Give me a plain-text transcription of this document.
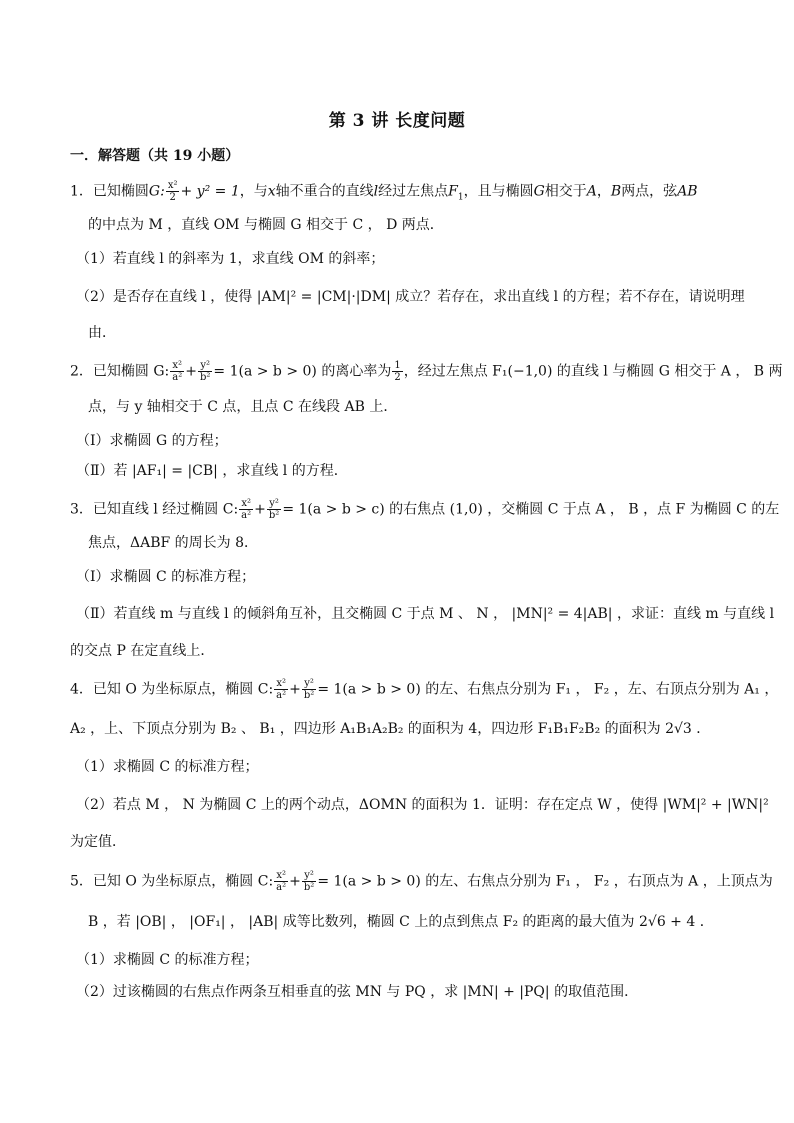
第 3 讲 长度问题
一．解答题（共 19 小题）
1．已知椭圆G: $\frac{\text{x²}}{2} + y^2 = 1$，与x轴不重合的直线l经过左焦点$F_1$，且与椭圆G相交于A，B两点，弦AB
的中点为 M ，直线 OM 与椭圆 G 相交于 C ， D 两点．
（1）若直线 l 的斜率为 1，求直线 OM 的斜率；
（2）是否存在直线 l ，使得 |AM|² = |CM|·|DM| 成立？若存在，求出直线 l 的方程；若不存在，请说明理
由．
2．已知椭圆 G: $\frac{\text{x²}}{\text{a²}} + \frac{\text{y²}}{\text{b²}} = 1(a > b > 0)$ 的离心率为 $\frac{1}{2}$ ，经过左焦点 F₁(−1,0) 的直线 l 与椭圆 G 相交于 A ， B 两
点，与 y 轴相交于 C 点，且点 C 在线段 AB 上．
（Ⅰ）求椭圆 G 的方程；
（Ⅱ）若 |AF₁| = |CB| ，求直线 l 的方程．
3．已知直线 l 经过椭圆 C: $\frac{\text{x²}}{\text{a²}} + \frac{\text{y²}}{\text{b²}} = 1(a > b > c)$ 的右焦点 (1,0) ，交椭圆 C 于点 A ， B ，点 F 为椭圆 C 的左
焦点，ΔABF 的周长为 8．
（Ⅰ）求椭圆 C 的标准方程；
（Ⅱ）若直线 m 与直线 l 的倾斜角互补，且交椭圆 C 于点 M 、 N ， |MN|² = 4|AB| ，求证：直线 m 与直线 l
的交点 P 在定直线上．
4．已知 O 为坐标原点，椭圆 C: $\frac{\text{x²}}{\text{a²}} + \frac{\text{y²}}{\text{b²}} = 1(a > b > 0)$ 的左、右焦点分别为 F₁ ， F₂ ，左、右顶点分别为 A₁ ，
A₂ ，上、下顶点分别为 B₂ 、 B₁ ，四边形 A₁B₁A₂B₂ 的面积为 4，四边形 F₁B₁F₂B₂ 的面积为 2√3 ．
（1）求椭圆 C 的标准方程；
（2）若点 M ， N 为椭圆 C 上的两个动点，ΔOMN 的面积为 1．证明：存在定点 W ，使得 |WM|² + |WN|²
为定值．
5．已知 O 为坐标原点，椭圆 C: $\frac{\text{x²}}{\text{a²}} + \frac{\text{y²}}{\text{b²}} = 1(a > b > 0)$ 的左、右焦点分别为 F₁ ， F₂ ，右顶点为 A ，上顶点为
B ，若 |OB| ， |OF₁| ， |AB| 成等比数列，椭圆 C 上的点到焦点 F₂ 的距离的最大值为 2√6 + 4 ．
（1）求椭圆 C 的标准方程；
（2）过该椭圆的右焦点作两条互相垂直的弦 MN 与 PQ ，求 |MN| + |PQ| 的取值范围．
